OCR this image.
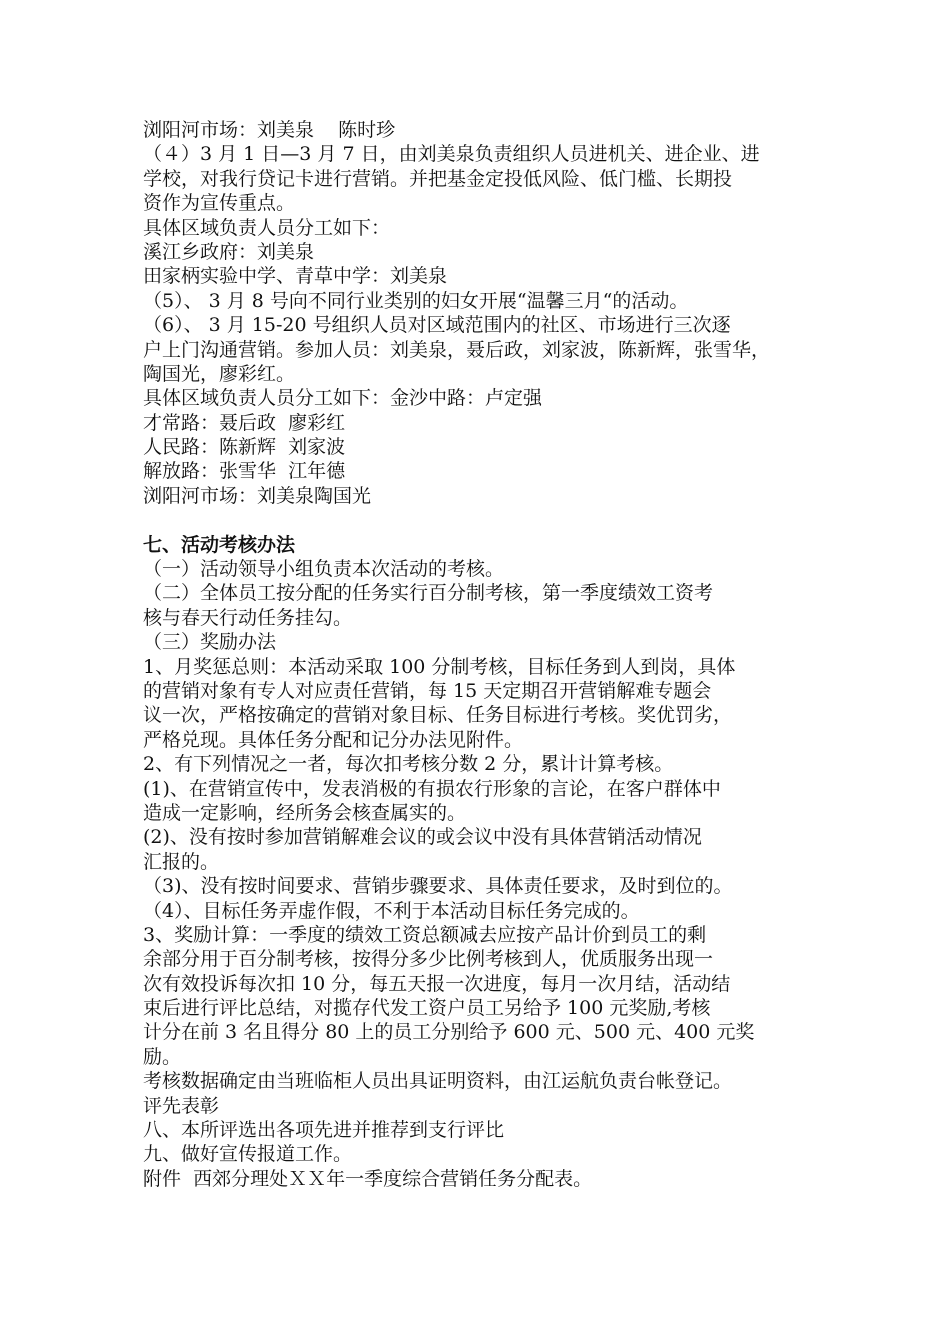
浏阳河市场：刘美泉    陈时珍
（４）3 月 1 日—3 月 7 日，由刘美泉负责组织人员进机关、进企业、进
学校，对我行贷记卡进行营销。并把基金定投低风险、低门槛、长期投
资作为宣传重点。
具体区域负责人员分工如下：
溪江乡政府：刘美泉
田家柄实验中学、青草中学：刘美泉
（5）、 3 月 8 号向不同行业类别的妇女开展“温馨三月“的活动。
（6）、 3 月 15-20 号组织人员对区域范围内的社区、市场进行三次逐
户上门沟通营销。参加人员：刘美泉，聂后政，刘家波，陈新辉，张雪华，
陶国光，廖彩红。
具体区域负责人员分工如下：金沙中路：卢定强
才常路：聂后政  廖彩红
人民路：陈新辉  刘家波
解放路：张雪华  江年德
浏阳河市场：刘美泉陶国光
七、活动考核办法
（一）活动领导小组负责本次活动的考核。
（二）全体员工按分配的任务实行百分制考核，第一季度绩效工资考
核与春天行动任务挂勾。
（三）奖励办法
1、月奖惩总则：本活动采取 100 分制考核，目标任务到人到岗，具体
的营销对象有专人对应责任营销，每 15 天定期召开营销解难专题会
议一次，严格按确定的营销对象目标、任务目标进行考核。奖优罚劣，
严格兑现。具体任务分配和记分办法见附件。
2、有下列情况之一者，每次扣考核分数 2 分，累计计算考核。
(1)、在营销宣传中，发表消极的有损农行形象的言论，在客户群体中
造成一定影响，经所务会核查属实的。
(2)、没有按时参加营销解难会议的或会议中没有具体营销活动情况
汇报的。
（3)、没有按时间要求、营销步骤要求、具体责任要求，及时到位的。
（4）、目标任务弄虚作假，不利于本活动目标任务完成的。
3、奖励计算：一季度的绩效工资总额减去应按产品计价到员工的剩
余部分用于百分制考核，按得分多少比例考核到人，优质服务出现一
次有效投诉每次扣 10 分，每五天报一次进度，每月一次月结，活动结
束后进行评比总结，对揽存代发工资户员工另给予 100 元奖励,考核
计分在前 3 名且得分 80 上的员工分别给予 600 元、500 元、400 元奖
励。
考核数据确定由当班临柜人员出具证明资料，由江运航负责台帐登记。
评先表彰
八、本所评选出各项先进并推荐到支行评比
九、做好宣传报道工作。
附件  西郊分理处ＸＸ年一季度综合营销任务分配表。
